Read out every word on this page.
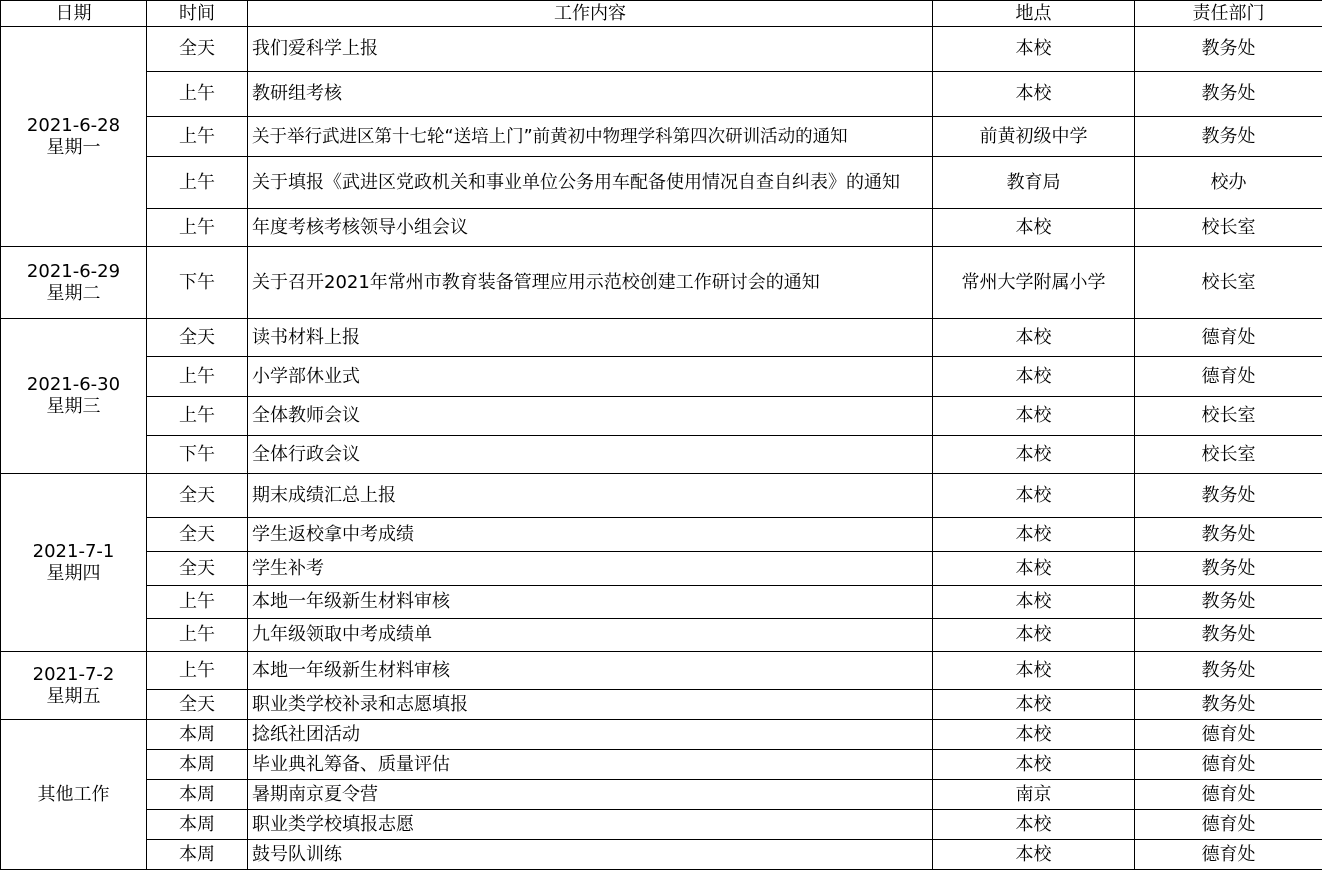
日期	时间	工作内容	地点	责任部门

2021-6-28
星期一	全天	我们爱科学上报	本校	教务处
	上午	教研组考核	本校	教务处
	上午	关于举行武进区第十七轮“送培上门”前黄初中物理学科第四次研训活动的通知	前黄初级中学	教务处
	上午	关于填报《武进区党政机关和事业单位公务用车配备使用情况自查自纠表》的通知	教育局	校办
	上午	年度考核考核领导小组会议	本校	校长室

2021-6-29
星期二	下午	关于召开2021年常州市教育装备管理应用示范校创建工作研讨会的通知	常州大学附属小学	校长室

2021-6-30
星期三	全天	读书材料上报	本校	德育处
	上午	小学部休业式	本校	德育处
	上午	全体教师会议	本校	校长室
	下午	全体行政会议	本校	校长室

2021-7-1
星期四	全天	期末成绩汇总上报	本校	教务处
	全天	学生返校拿中考成绩	本校	教务处
	全天	学生补考	本校	教务处
	上午	本地一年级新生材料审核	本校	教务处
	上午	九年级领取中考成绩单	本校	教务处

2021-7-2
星期五	上午	本地一年级新生材料审核	本校	教务处
	全天	职业类学校补录和志愿填报	本校	教务处

其他工作	本周	捻纸社团活动	本校	德育处
	本周	毕业典礼筹备、质量评估	本校	德育处
	本周	暑期南京夏令营	南京	德育处
	本周	职业类学校填报志愿	本校	德育处
	本周	鼓号队训练	本校	德育处
